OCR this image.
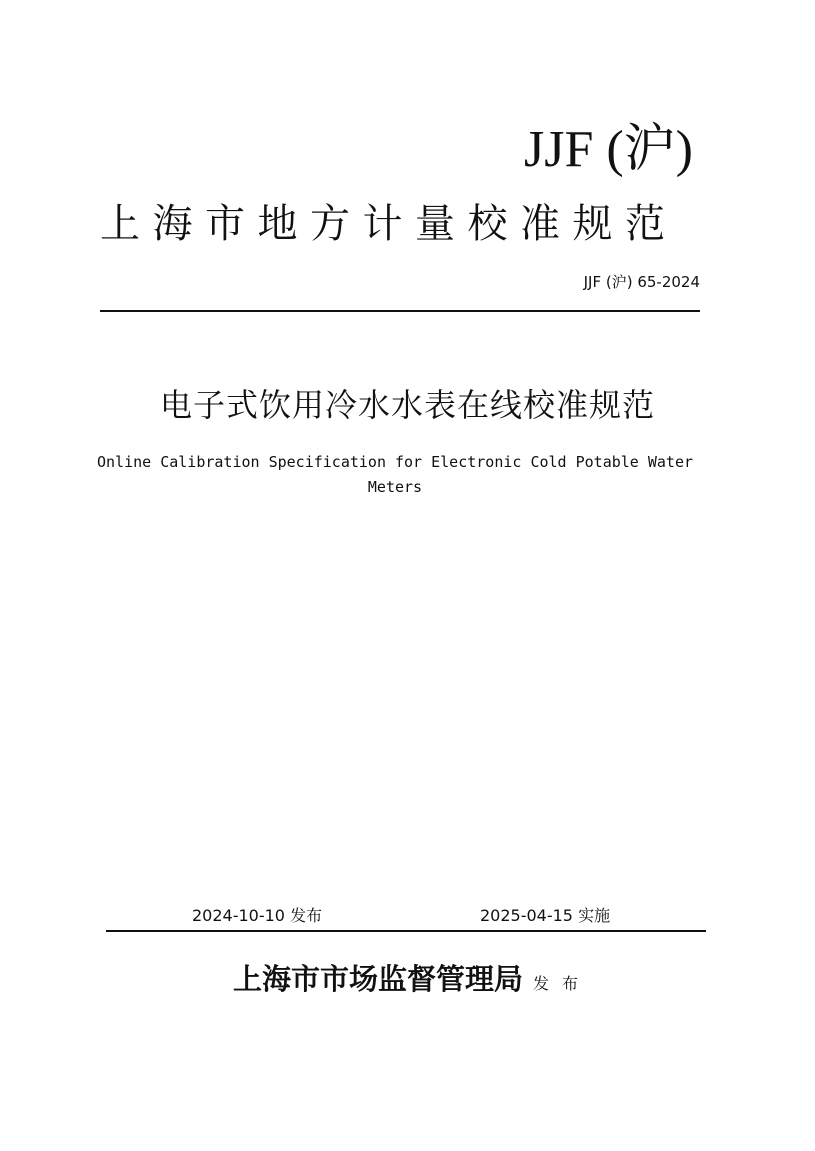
JJF (沪)
上海市地方计量校准规范
JJF (沪) 65-2024
电子式饮用冷水水表在线校准规范
Online Calibration Specification for Electronic Cold Potable Water Meters
2024-10-10 发布	2025-04-15 实施
上海市市场监督管理局 发 布
